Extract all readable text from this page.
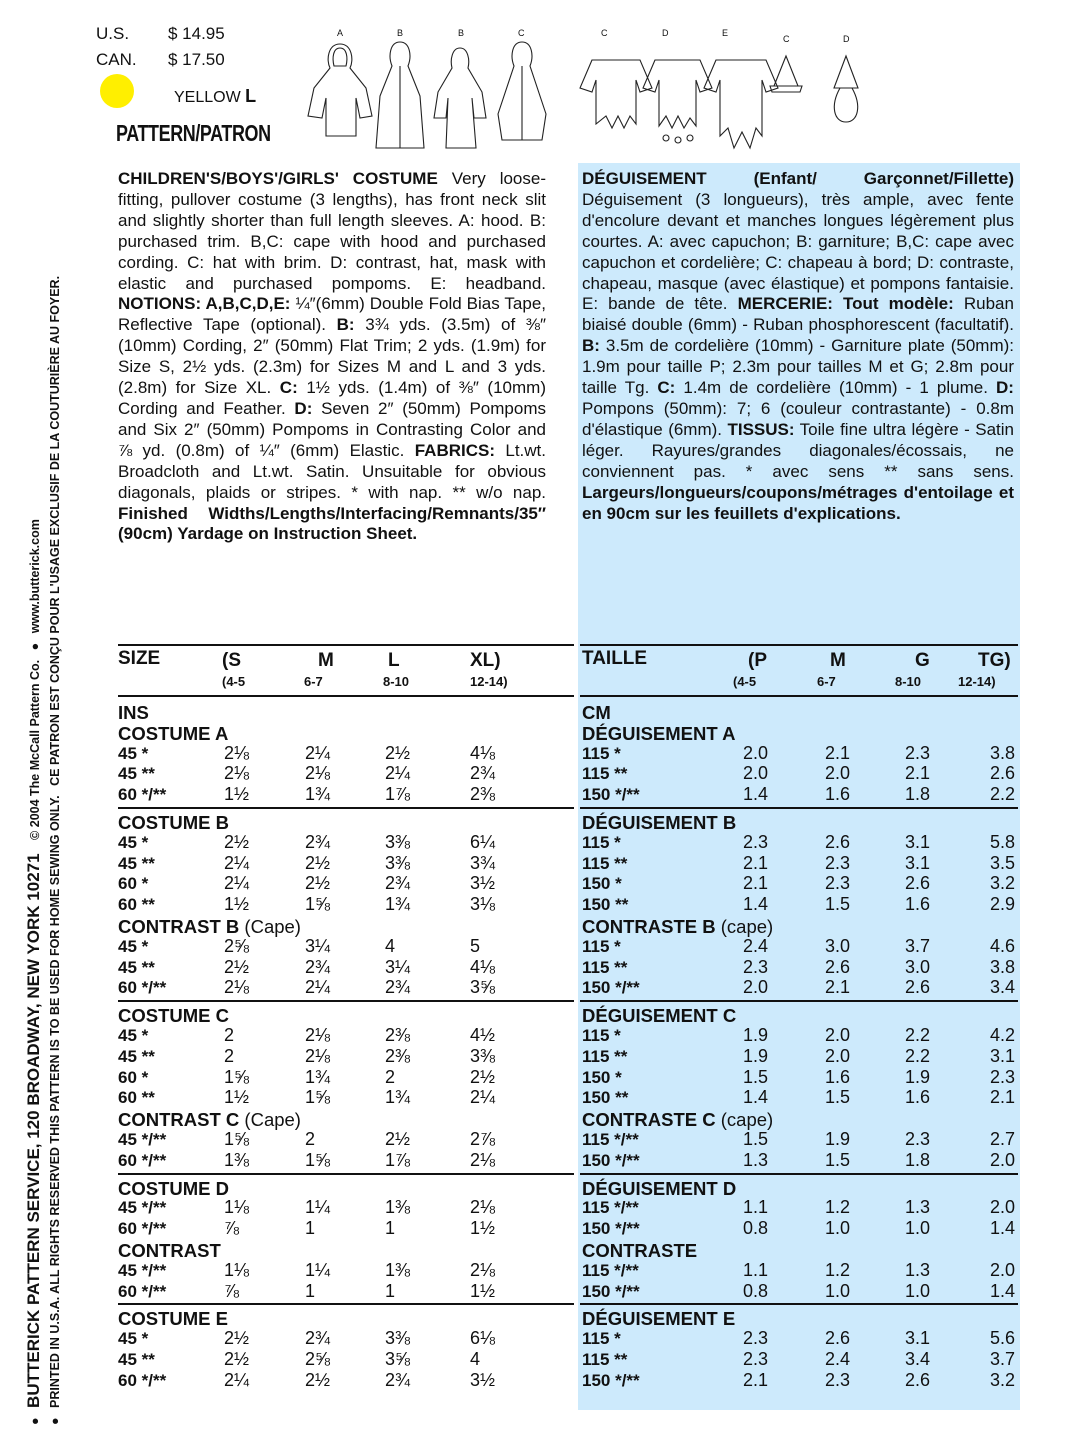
U.S. $ 14.95
CAN. $ 17.50
YELLOW L
A	B	B	C	C	D	E
C	D
PATTERN/PATRON
● BUTTERICK PATTERN SERVICE, 120 BROADWAY, NEW YORK 10271 © 2004 The McCall Pattern Co. ● www.butterick.com
● PRINTED IN U.S.A. ALL RIGHTS RESERVED THIS PATTERN IS TO BE USED FOR HOME SEWING ONLY. CE PATRON EST CONÇU POUR L'USAGE EXCLUSIF DE LA COUTURIÈRE AU FOYER.

CHILDREN'S/BOYS'/GIRLS' COSTUME Very loose-fitting, pullover costume (3 lengths), has front neck slit and slightly shorter than full length sleeves. A: hood. B: purchased trim. B,C: cape with hood and purchased cording. C: hat with brim. D: contrast, hat, mask with elastic and purchased pompoms. E: headband. NOTIONS: A,B,C,D,E: ¼″(6mm) Double Fold Bias Tape, Reflective Tape (optional). B: 3¾ yds. (3.5m) of ⅜″ (10mm) Cording, 2″ (50mm) Flat Trim; 2 yds. (1.9m) for Size S, 2½ yds. (2.3m) for Sizes M and L and 3 yds. (2.8m) for Size XL. C: 1½ yds. (1.4m) of ⅜″ (10mm) Cording and Feather. D: Seven 2″ (50mm) Pompoms and Six 2″ (50mm) Pompoms in Contrasting Color and ⅞ yd. (0.8m) of ¼″ (6mm) Elastic. FABRICS: Lt.wt. Broadcloth and Lt.wt. Satin. Unsuitable for obvious diagonals, plaids or stripes. * with nap. ** w/o nap. Finished Widths/Lengths/Interfacing/Remnants/35″ (90cm) Yardage on Instruction Sheet.

DÉGUISEMENT (Enfant/ Garçonnet/Fillette) Déguisement (3 longueurs), très ample, avec fente d'encolure devant et manches longues légèrement plus courtes. A: avec capuchon; B: garniture; B,C: cape avec capuchon et cordelière; C: chapeau à bord; D: contraste, chapeau, masque (avec élastique) et pompons fantaisie. E: bande de tête. MERCERIE: Tout modèle: Ruban biaisé double (6mm) - Ruban phosphorescent (facultatif). B: 3.5m de cordelière (10mm) - Garniture plate (50mm): 1.9m pour taille P; 2.3m pour tailles M et G; 2.8m pour taille Tg. C: 1.4m de cordelière (10mm) - 1 plume. D: Pompons (50mm): 7; 6 (couleur contrastante) - 0.8m d'élastique (6mm). TISSUS: Toile fine ultra légère - Satin léger. Rayures/grandes diagonales/écossais, ne conviennent pas. * avec sens ** sans sens. Largeurs/longueurs/coupons/métrages d'entoilage et en 90cm sur les feuillets d'explications.

SIZE	(S	M	L	XL)
(4-5	6-7	8-10	12-14)
INS
COSTUME A
45 *	2⅛	2¼	2½	4⅛
45 **	2⅛	2⅛	2¼	2¾
60 */**	1½	1¾	1⅞	2⅜
COSTUME B
45 *	2½	2¾	3⅜	6¼
45 **	2¼	2½	3⅜	3¾
60 *	2¼	2½	2¾	3½
60 **	1½	1⅝	1¾	3⅛
CONTRAST B (Cape)
45 *	2⅝	3¼	4	5
45 **	2½	2¾	3¼	4⅛
60 */**	2⅛	2¼	2¾	3⅝
COSTUME C
45 *	2	2⅛	2⅜	4½
45 **	2	2⅛	2⅜	3⅜
60 *	1⅝	1¾	2	2½
60 **	1½	1⅝	1¾	2¼
CONTRAST C (Cape)
45 */**	1⅝	2	2½	2⅞
60 */**	1⅜	1⅝	1⅞	2⅛
COSTUME D
45 */**	1⅛	1¼	1⅜	2⅛
60 */**	⅞	1	1	1½
CONTRAST
45 */**	1⅛	1¼	1⅜	2⅛
60 */**	⅞	1	1	1½
COSTUME E
45 *	2½	2¾	3⅜	6⅛
45 **	2½	2⅝	3⅝	4
60 */**	2¼	2½	2¾	3½
TAILLE	(P	M	G	TG)
(4-5	6-7	8-10	12-14)
CM
DÉGUISEMENT A
115 *	2.0	2.1	2.3	3.8
115 **	2.0	2.0	2.1	2.6
150 */**	1.4	1.6	1.8	2.2
DÉGUISEMENT B
115 *	2.3	2.6	3.1	5.8
115 **	2.1	2.3	3.1	3.5
150 *	2.1	2.3	2.6	3.2
150 **	1.4	1.5	1.6	2.9
CONTRASTE B (cape)
115 *	2.4	3.0	3.7	4.6
115 **	2.3	2.6	3.0	3.8
150 */**	2.0	2.1	2.6	3.4
DÉGUISEMENT C
115 *	1.9	2.0	2.2	4.2
115 **	1.9	2.0	2.2	3.1
150 *	1.5	1.6	1.9	2.3
150 **	1.4	1.5	1.6	2.1
CONTRASTE C (cape)
115 */**	1.5	1.9	2.3	2.7
150 */**	1.3	1.5	1.8	2.0
DÉGUISEMENT D
115 */**	1.1	1.2	1.3	2.0
150 */**	0.8	1.0	1.0	1.4
CONTRASTE
115 */**	1.1	1.2	1.3	2.0
150 */**	0.8	1.0	1.0	1.4
DÉGUISEMENT E
115 *	2.3	2.6	3.1	5.6
115 **	2.3	2.4	3.4	3.7
150 */**	2.1	2.3	2.6	3.2
